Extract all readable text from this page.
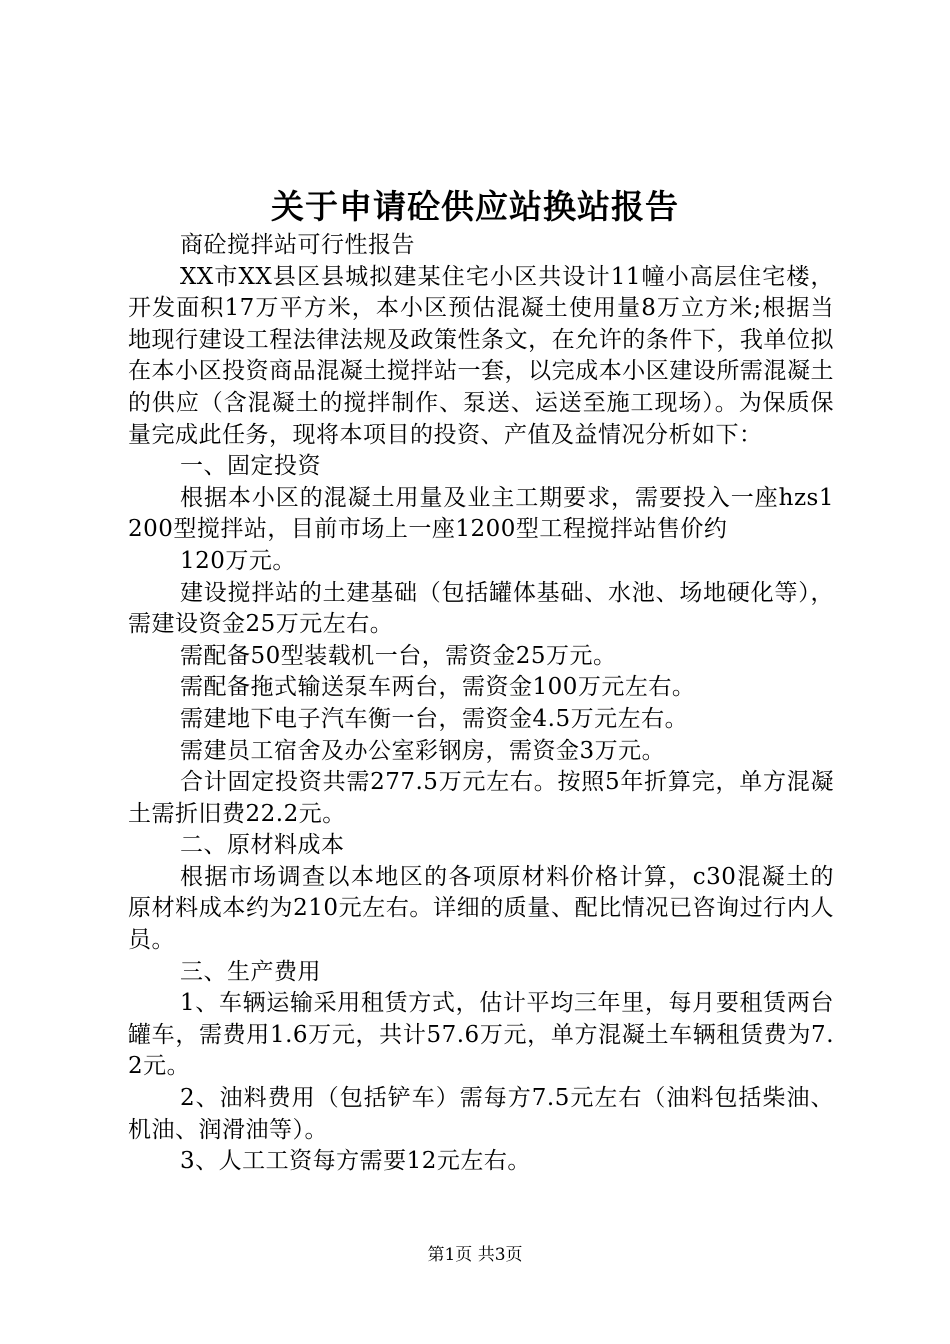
关于申请砼供应站换站报告

商砼搅拌站可行性报告

XX市XX县区县城拟建某住宅小区共设计11幢小高层住宅楼，开发面积17万平方米，本小区预估混凝土使用量8万立方米;根据当地现行建设工程法律法规及政策性条文，在允许的条件下，我单位拟在本小区投资商品混凝土搅拌站一套，以完成本小区建设所需混凝土的供应（含混凝土的搅拌制作、泵送、运送至施工现场）。为保质保量完成此任务，现将本项目的投资、产值及益情况分析如下：

一、固定投资

根据本小区的混凝土用量及业主工期要求，需要投入一座hzs1200型搅拌站，目前市场上一座1200型工程搅拌站售价约

120万元。

建设搅拌站的土建基础（包括罐体基础、水池、场地硬化等），需建设资金25万元左右。

需配备50型装载机一台，需资金25万元。

需配备拖式输送泵车两台，需资金100万元左右。

需建地下电子汽车衡一台，需资金4.5万元左右。

需建员工宿舍及办公室彩钢房，需资金3万元。

合计固定投资共需277.5万元左右。按照5年折算完，单方混凝土需折旧费22.2元。

二、原材料成本

根据市场调查以本地区的各项原材料价格计算，c30混凝土的原材料成本约为210元左右。详细的质量、配比情况已咨询过行内人员。

三、生产费用

1、车辆运输采用租赁方式，估计平均三年里，每月要租赁两台罐车，需费用1.6万元，共计57.6万元，单方混凝土车辆租赁费为7.2元。

2、油料费用（包括铲车）需每方7.5元左右（油料包括柴油、机油、润滑油等）。

3、人工工资每方需要12元左右。

第1页 共3页
